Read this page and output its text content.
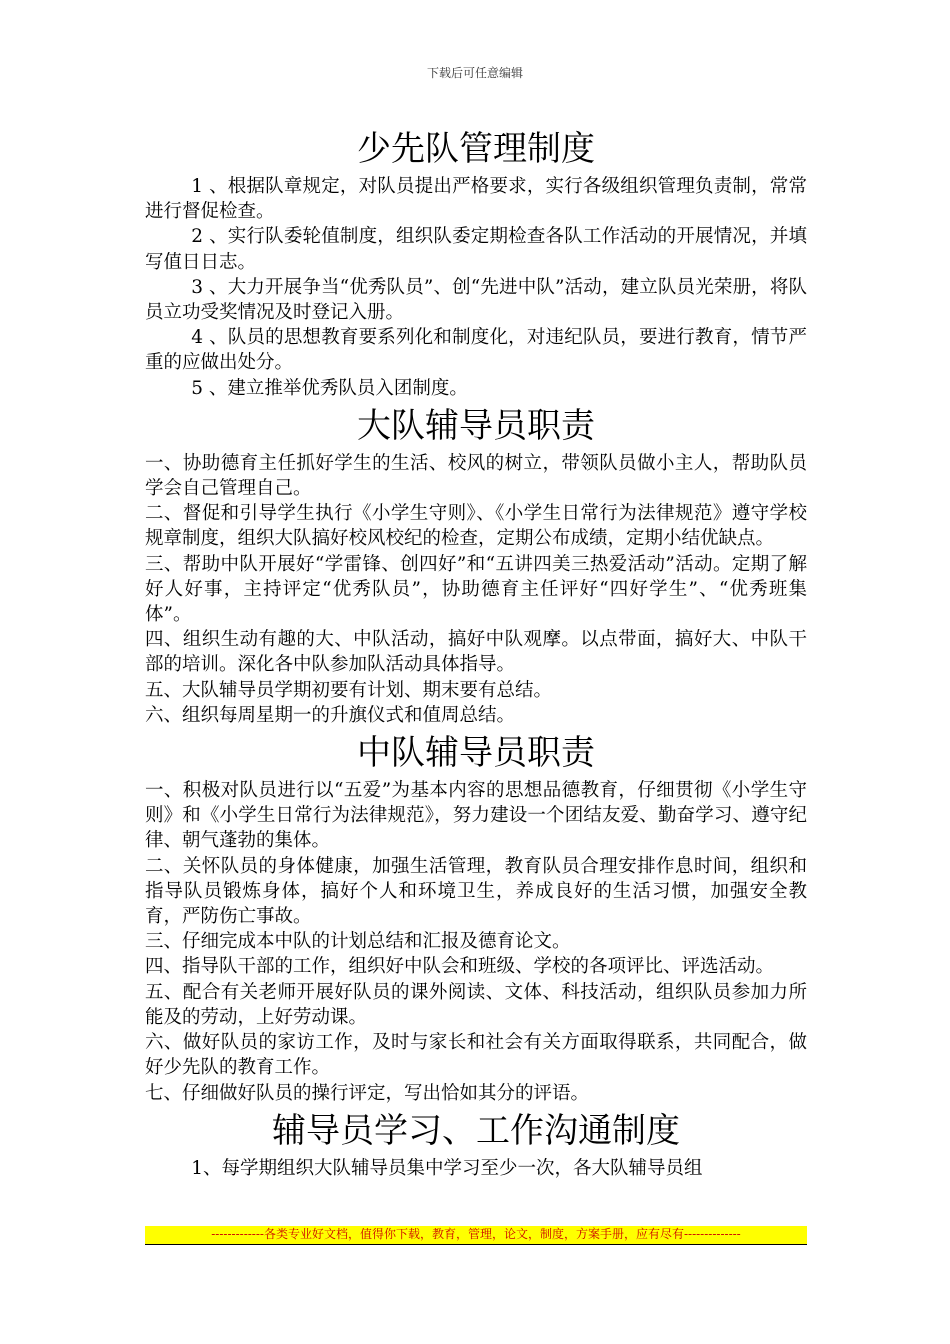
下载后可任意编辑
少先队管理制度

1 、根据队章规定，对队员提出严格要求，实行各级组织管理负责制，常常进行督促检查。

2 、实行队委轮值制度，组织队委定期检查各队工作活动的开展情况，并填写值日日志。

3 、大力开展争当“优秀队员”、创“先进中队”活动，建立队员光荣册，将队员立功受奖情况及时登记入册。

4 、队员的思想教育要系列化和制度化，对违纪队员，要进行教育，情节严重的应做出处分。

5 、建立推举优秀队员入团制度。

大队辅导员职责

一、协助德育主任抓好学生的生活、校风的树立，带领队员做小主人，帮助队员学会自己管理自己。

二、督促和引导学生执行《小学生守则》、《小学生日常行为法律规范》遵守学校规章制度，组织大队搞好校风校纪的检查，定期公布成绩，定期小结优缺点。

三、帮助中队开展好“学雷锋、创四好”和“五讲四美三热爱活动”活动。定期了解好人好事，主持评定“优秀队员”，协助德育主任评好“四好学生”、“优秀班集体”。

四、组织生动有趣的大、中队活动，搞好中队观摩。以点带面，搞好大、中队干部的培训。深化各中队参加队活动具体指导。

五、大队辅导员学期初要有计划、期末要有总结。

六、组织每周星期一的升旗仪式和值周总结。

中队辅导员职责

一、积极对队员进行以“五爱”为基本内容的思想品德教育，仔细贯彻《小学生守则》和《小学生日常行为法律规范》，努力建设一个团结友爱、勤奋学习、遵守纪律、朝气蓬勃的集体。

二、关怀队员的身体健康，加强生活管理，教育队员合理安排作息时间，组织和指导队员锻炼身体，搞好个人和环境卫生，养成良好的生活习惯，加强安全教育，严防伤亡事故。

三、仔细完成本中队的计划总结和汇报及德育论文。

四、指导队干部的工作，组织好中队会和班级、学校的各项评比、评选活动。

五、配合有关老师开展好队员的课外阅读、文体、科技活动，组织队员参加力所能及的劳动，上好劳动课。

六、做好队员的家访工作，及时与家长和社会有关方面取得联系，共同配合，做好少先队的教育工作。

七、仔细做好队员的操行评定，写出恰如其分的评语。

辅导员学习、工作沟通制度

1、每学期组织大队辅导员集中学习至少一次，各大队辅导员组

-------------各类专业好文档，值得你下载，教育，管理，论文，制度，方案手册，应有尽有--------------
